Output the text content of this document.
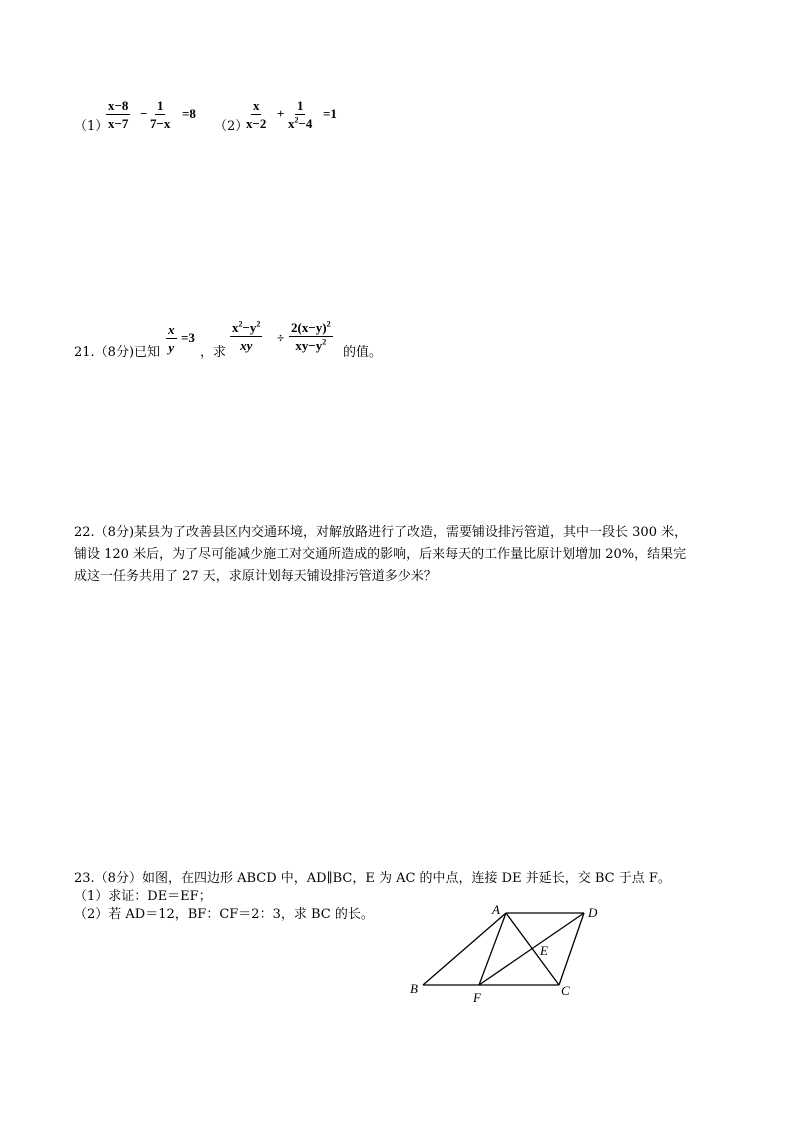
（1）
$\frac{x-8}{x-7} - \frac{1}{7-x} =8$
（2）
$\frac{x}{x-2} + \frac{1}{x^2-4} =1$
21.（8分)已知 $\frac{x}{y} =3$
，求 $\frac{x^2-y^2}{xy} \div \frac{2(x-y)^2}{xy-y^2}$ 的值。
22.（8分)某县为了改善县区内交通环境，对解放路进行了改造，需要铺设排污管道，其中一段长 300 米，
铺设 120 米后，为了尽可能减少施工对交通所造成的影响，后来每天的工作量比原计划增加 20%，结果完
成这一任务共用了 27 天，求原计划每天铺设排污管道多少米？
23.（8分）如图，在四边形 ABCD 中，AD∥BC，E 为 AC 的中点，连接 DE 并延长，交 BC 于点 F。
（1）求证：DE＝EF；
（2）若 AD＝12，BF：CF＝2：3，求 BC 的长。	A	D
E
B
F	C
